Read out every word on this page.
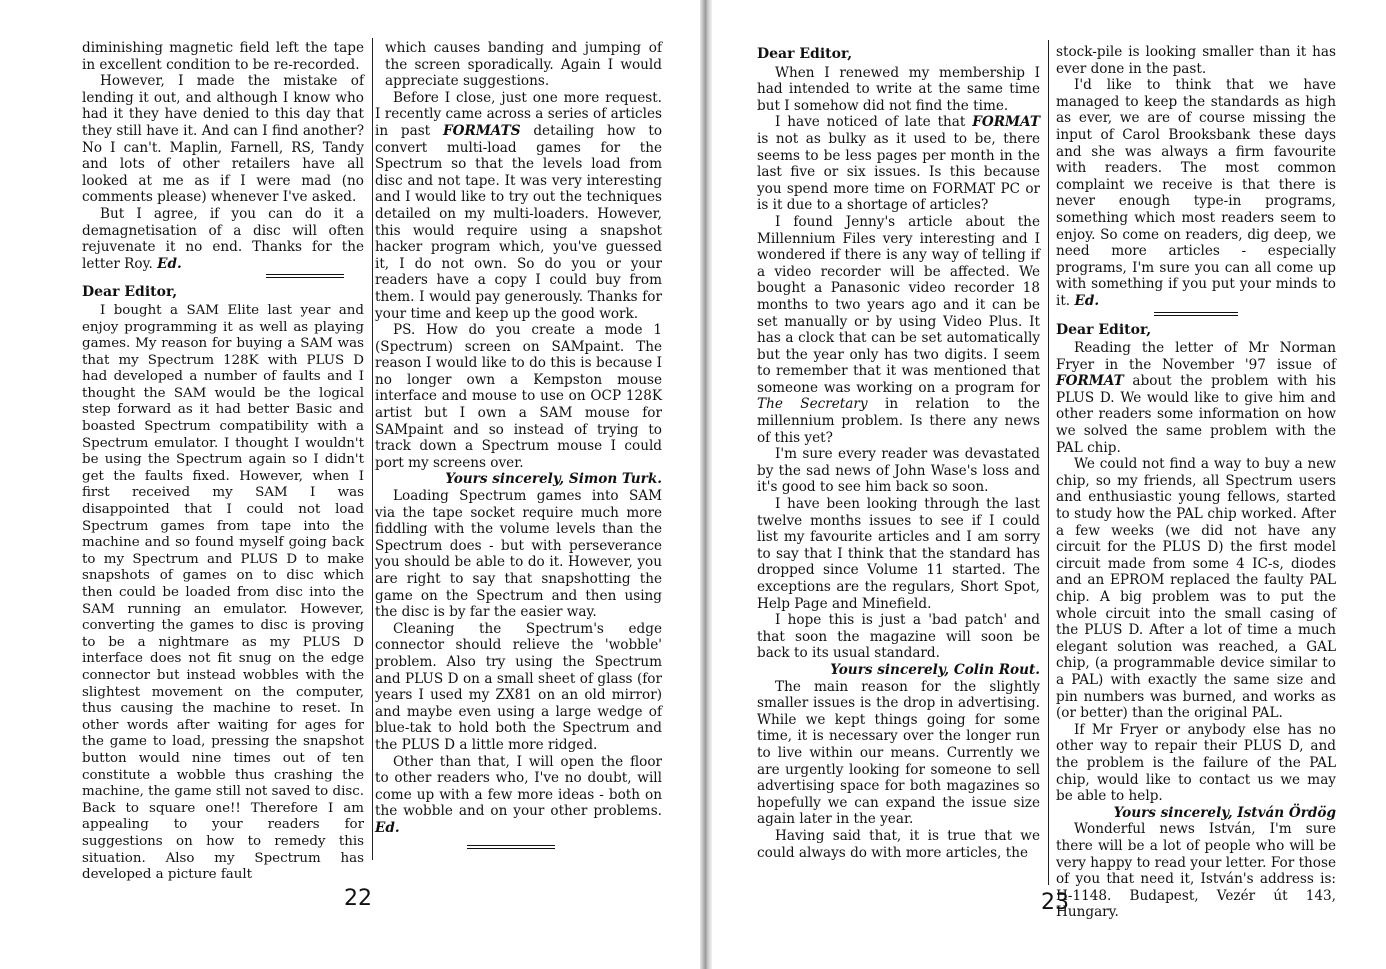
diminishing magnetic field left the tape in excellent condition to be re-recorded.

However, I made the mistake of lending it out, and although I know who had it they have denied to this day that they still have it. And can I find another? No I can't. Maplin, Farnell, RS, Tandy and lots of other retailers have all looked at me as if I were mad (no comments please) whenever I've asked.

But I agree, if you can do it a demagnetisation of a disc will often rejuvenate it no end. Thanks for the letter Roy. Ed.

Dear Editor,

I bought a SAM Elite last year and enjoy programming it as well as playing games. My reason for buying a SAM was that my Spectrum 128K with PLUS D had developed a number of faults and I thought the SAM would be the logical step forward as it had better Basic and boasted Spectrum compatibility with a Spectrum emulator. I thought I wouldn't be using the Spectrum again so I didn't get the faults fixed. However, when I first received my SAM I was disappointed that I could not load Spectrum games from tape into the machine and so found myself going back to my Spectrum and PLUS D to make snapshots of games on to disc which then could be loaded from disc into the SAM running an emulator. However, converting the games to disc is proving to be a nightmare as my PLUS D interface does not fit snug on the edge connector but instead wobbles with the slightest movement on the computer, thus causing the machine to reset. In other words after waiting for ages for the game to load, pressing the snapshot button would nine times out of ten constitute a wobble thus crashing the machine, the game still not saved to disc. Back to square one!! Therefore I am appealing to your readers for suggestions on how to remedy this situation. Also my Spectrum has developed a picture fault

which causes banding and jumping of the screen sporadically. Again I would appreciate suggestions.

Before I close, just one more request. I recently came across a series of articles in past FORMATS detailing how to convert multi-load games for the Spectrum so that the levels load from disc and not tape. It was very interesting and I would like to try out the techniques detailed on my multi-loaders. However, this would require using a snapshot hacker program which, you've guessed it, I do not own. So do you or your readers have a copy I could buy from them. I would pay generously. Thanks for your time and keep up the good work.

PS. How do you create a mode 1 (Spectrum) screen on SAMpaint. The reason I would like to do this is because I no longer own a Kempston mouse interface and mouse to use on OCP 128K artist but I own a SAM mouse for SAMpaint and so instead of trying to track down a Spectrum mouse I could port my screens over.

Yours sincerely, Simon Turk.

Loading Spectrum games into SAM via the tape socket require much more fiddling with the volume levels than the Spectrum does - but with perseverance you should be able to do it. However, you are right to say that snapshotting the game on the Spectrum and then using the disc is by far the easier way.

Cleaning the Spectrum's edge connector should relieve the 'wobble' problem. Also try using the Spectrum and PLUS D on a small sheet of glass (for years I used my ZX81 on an old mirror) and maybe even using a large wedge of blue-tak to hold both the Spectrum and the PLUS D a little more ridged.

Other than that, I will open the floor to other readers who, I've no doubt, will come up with a few more ideas - both on the wobble and on your other problems. Ed.

22
Dear Editor,

When I renewed my membership I had intended to write at the same time but I somehow did not find the time.

I have noticed of late that FORMAT is not as bulky as it used to be, there seems to be less pages per month in the last five or six issues. Is this because you spend more time on FORMAT PC or is it due to a shortage of articles?

I found Jenny's article about the Millennium Files very interesting and I wondered if there is any way of telling if a video recorder will be affected. We bought a Panasonic video recorder 18 months to two years ago and it can be set manually or by using Video Plus. It has a clock that can be set automatically but the year only has two digits. I seem to remember that it was mentioned that someone was working on a program for The Secretary in relation to the millennium problem. Is there any news of this yet?

I'm sure every reader was devastated by the sad news of John Wase's loss and it's good to see him back so soon.

I have been looking through the last twelve months issues to see if I could list my favourite articles and I am sorry to say that I think that the standard has dropped since Volume 11 started. The exceptions are the regulars, Short Spot, Help Page and Minefield.

I hope this is just a 'bad patch' and that soon the magazine will soon be back to its usual standard.

Yours sincerely, Colin Rout.

The main reason for the slightly smaller issues is the drop in advertising. While we kept things going for some time, it is necessary over the longer run to live within our means. Currently we are urgently looking for someone to sell advertising space for both magazines so hopefully we can expand the issue size again later in the year.

Having said that, it is true that we could always do with more articles, the

stock-pile is looking smaller than it has ever done in the past.

I'd like to think that we have managed to keep the standards as high as ever, we are of course missing the input of Carol Brooksbank these days and she was always a firm favourite with readers. The most common complaint we receive is that there is never enough type-in programs, something which most readers seem to enjoy. So come on readers, dig deep, we need more articles - especially programs, I'm sure you can all come up with something if you put your minds to it. Ed.

Dear Editor,

Reading the letter of Mr Norman Fryer in the November '97 issue of FORMAT about the problem with his PLUS D. We would like to give him and other readers some information on how we solved the same problem with the PAL chip.

We could not find a way to buy a new chip, so my friends, all Spectrum users and enthusiastic young fellows, started to study how the PAL chip worked. After a few weeks (we did not have any circuit for the PLUS D) the first model circuit made from some 4 IC-s, diodes and an EPROM replaced the faulty PAL chip. A big problem was to put the whole circuit into the small casing of the PLUS D. After a lot of time a much elegant solution was reached, a GAL chip, (a programmable device similar to a PAL) with exactly the same size and pin numbers was burned, and works as (or better) than the original PAL.

If Mr Fryer or anybody else has no other way to repair their PLUS D, and the problem is the failure of the PAL chip, would like to contact us we may be able to help.

Yours sincerely, István Ördög

Wonderful news István, I'm sure there will be a lot of people who will be very happy to read your letter. For those of you that need it, István's address is: H-1148. Budapest, Vezér út 143, Hungary.

23
